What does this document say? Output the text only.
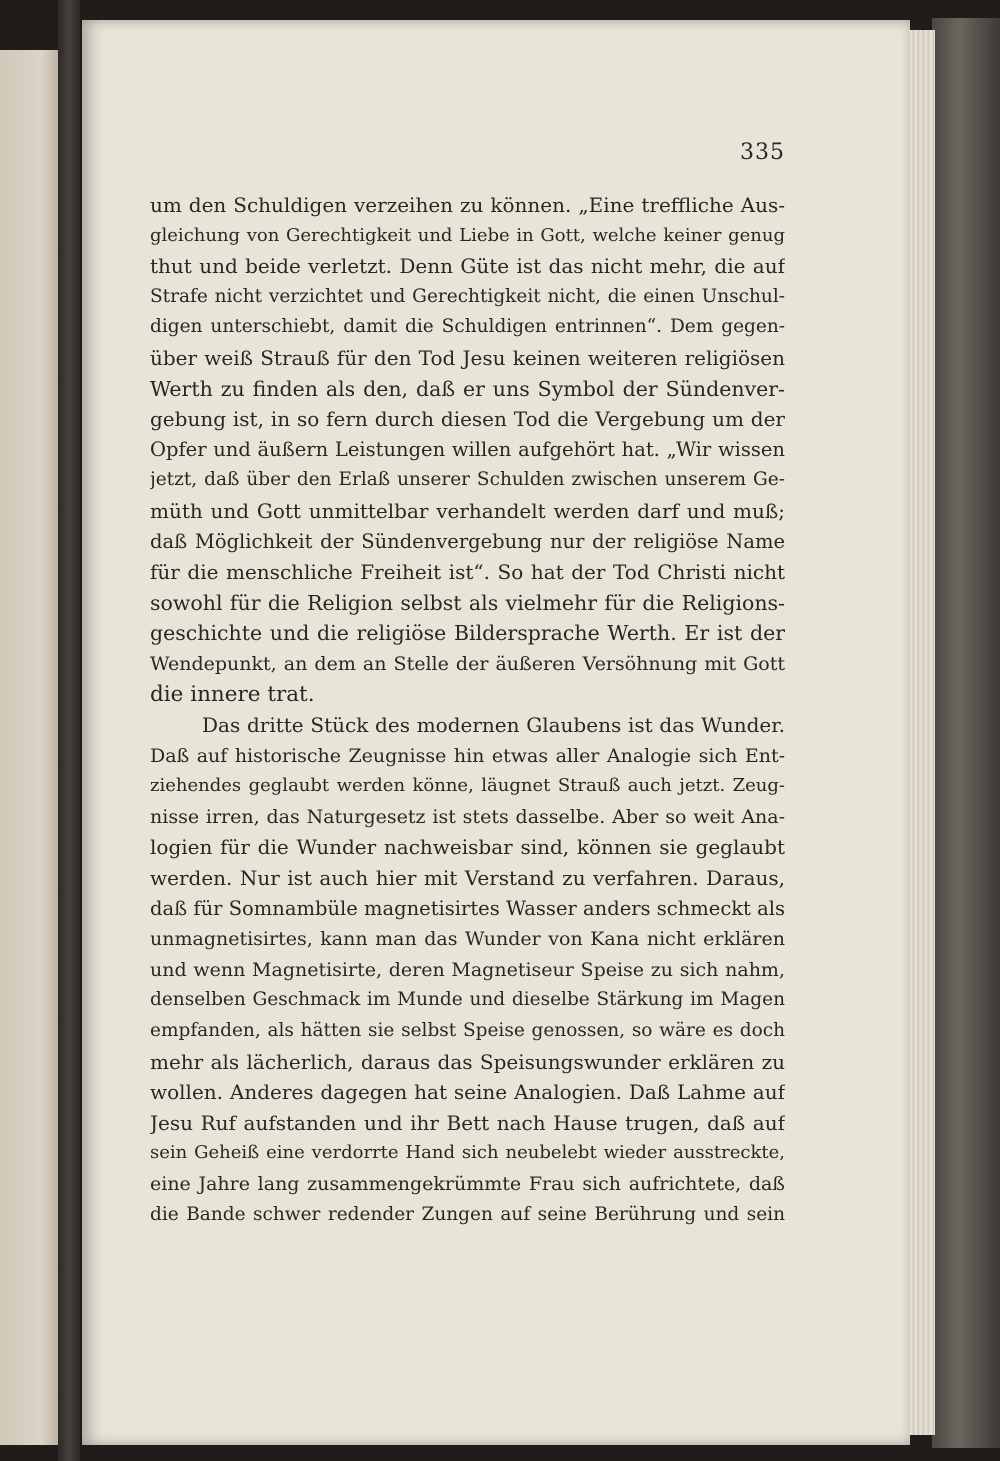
335
um den Schuldigen verzeihen zu können. „Eine treffliche Aus-
gleichung von Gerechtigkeit und Liebe in Gott, welche keiner genug
thut und beide verletzt. Denn Güte ist das nicht mehr, die auf
Strafe nicht verzichtet und Gerechtigkeit nicht, die einen Unschul-
digen unterschiebt, damit die Schuldigen entrinnen“. Dem gegen-
über weiß Strauß für den Tod Jesu keinen weiteren religiösen
Werth zu finden als den, daß er uns Symbol der Sündenver-
gebung ist, in so fern durch diesen Tod die Vergebung um der
Opfer und äußern Leistungen willen aufgehört hat. „Wir wissen
jetzt, daß über den Erlaß unserer Schulden zwischen unserem Ge-
müth und Gott unmittelbar verhandelt werden darf und muß;
daß Möglichkeit der Sündenvergebung nur der religiöse Name
für die menschliche Freiheit ist“. So hat der Tod Christi nicht
sowohl für die Religion selbst als vielmehr für die Religions-
geschichte und die religiöse Bildersprache Werth. Er ist der
Wendepunkt, an dem an Stelle der äußeren Versöhnung mit Gott
die innere trat.
Das dritte Stück des modernen Glaubens ist das Wunder.
Daß auf historische Zeugnisse hin etwas aller Analogie sich Ent-
ziehendes geglaubt werden könne, läugnet Strauß auch jetzt. Zeug-
nisse irren, das Naturgesetz ist stets dasselbe. Aber so weit Ana-
logien für die Wunder nachweisbar sind, können sie geglaubt
werden. Nur ist auch hier mit Verstand zu verfahren. Daraus,
daß für Somnambüle magnetisirtes Wasser anders schmeckt als
unmagnetisirtes, kann man das Wunder von Kana nicht erklären
und wenn Magnetisirte, deren Magnetiseur Speise zu sich nahm,
denselben Geschmack im Munde und dieselbe Stärkung im Magen
empfanden, als hätten sie selbst Speise genossen, so wäre es doch
mehr als lächerlich, daraus das Speisungswunder erklären zu
wollen. Anderes dagegen hat seine Analogien. Daß Lahme auf
Jesu Ruf aufstanden und ihr Bett nach Hause trugen, daß auf
sein Geheiß eine verdorrte Hand sich neubelebt wieder ausstreckte,
eine Jahre lang zusammengekrümmte Frau sich aufrichtete, daß
die Bande schwer redender Zungen auf seine Berührung und sein
